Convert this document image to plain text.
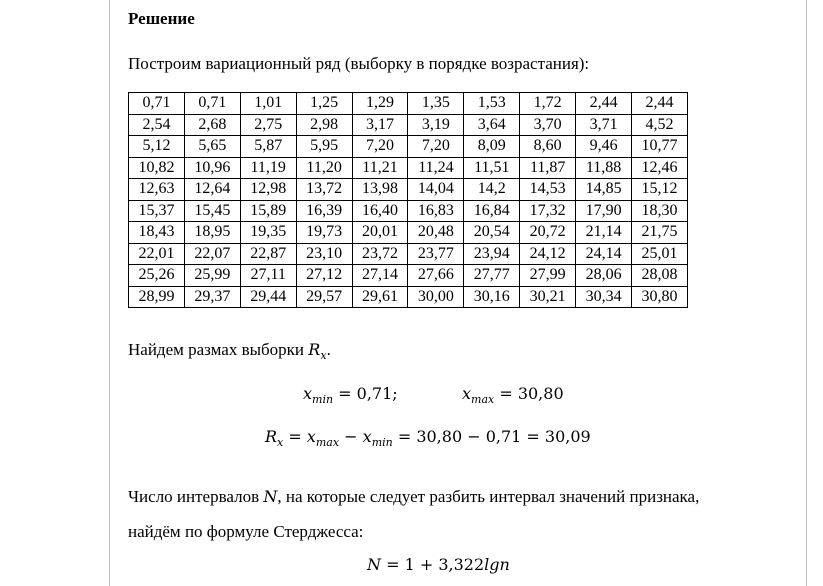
Решение
Построим вариационный ряд (выборку в порядке возрастания):
0,71	0,71	1,01	1,25	1,29	1,35	1,53	1,72	2,44	2,44
2,54	2,68	2,75	2,98	3,17	3,19	3,64	3,70	3,71	4,52
5,12	5,65	5,87	5,95	7,20	7,20	8,09	8,60	9,46	10,77
10,82	10,96	11,19	11,20	11,21	11,24	11,51	11,87	11,88	12,46
12,63	12,64	12,98	13,72	13,98	14,04	14,2	14,53	14,85	15,12
15,37	15,45	15,89	16,39	16,40	16,83	16,84	17,32	17,90	18,30
18,43	18,95	19,35	19,73	20,01	20,48	20,54	20,72	21,14	21,75
22,01	22,07	22,87	23,10	23,72	23,77	23,94	24,12	24,14	25,01
25,26	25,99	27,11	27,12	27,14	27,66	27,77	27,99	28,06	28,08
28,99	29,37	29,44	29,57	29,61	30,00	30,16	30,21	30,34	30,80
Найдем размах выборки $R_x$.
$x_{min} = 0,71$;	$x_{max} = 30,80$
$R_x = x_{max} - x_{min} = 30,80 - 0,71 = 30,09$
Число интервалов N, на которые следует разбить интервал значений признака,
найдём по формуле Стерджесса:
N = 1 + 3,322lgn
